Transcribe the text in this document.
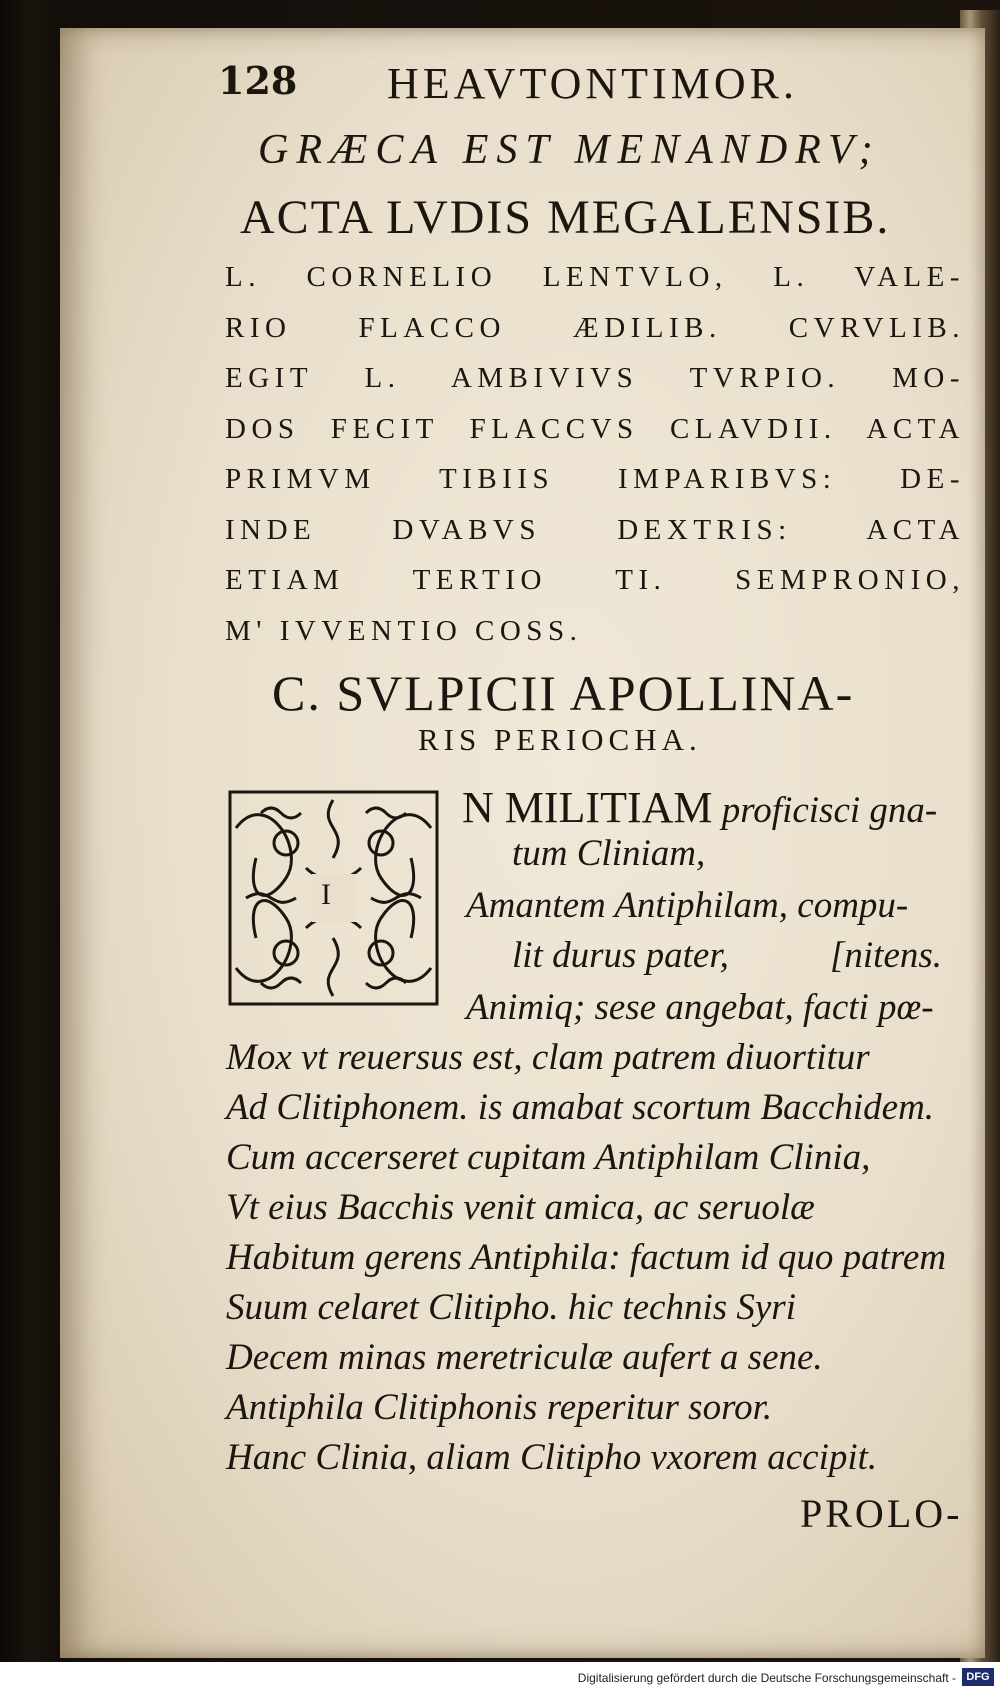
128 HEAVTONTIMOR.
GRÆCA EST MENANDRV;
ACTA LVDIS MEGALENSIB.
L. CORNELIO LENTVLO, L. VALE-
RIO FLACCO ÆDILIB. CVRVLIB.
EGIT L. AMBIVIVS TVRPIO. MO-
DOS FECIT FLACCVS CLAVDII. ACTA
PRIMVM TIBIIS IMPARIBVS: DE-
INDE DVABVS DEXTRIS: ACTA
ETIAM TERTIO TI. SEMPRONIO,
M' IVVENTIO COSS.
C. SVLPICII APOLLINA-
RIS PERIOCHA.
I
N MILITIAM proficisci gna-
tum Cliniam,
Amantem Antiphilam, compu-
lit durus pater,	[nitens.
Animiq; sese angebat, facti pœ-
Mox vt reuersus est, clam patrem diuortitur
Ad Clitiphonem. is amabat scortum Bacchidem.
Cum accerseret cupitam Antiphilam Clinia,
Vt eius Bacchis venit amica, ac seruolæ
Habitum gerens Antiphila: factum id quo patrem
Suum celaret Clitipho. hic technis Syri
Decem minas meretriculæ aufert a sene.
Antiphila Clitiphonis reperitur soror.
Hanc Clinia, aliam Clitipho vxorem accipit.
PROLO-
Digitalisierung gefördert durch die Deutsche Forschungsgemeinschaft - DFG
